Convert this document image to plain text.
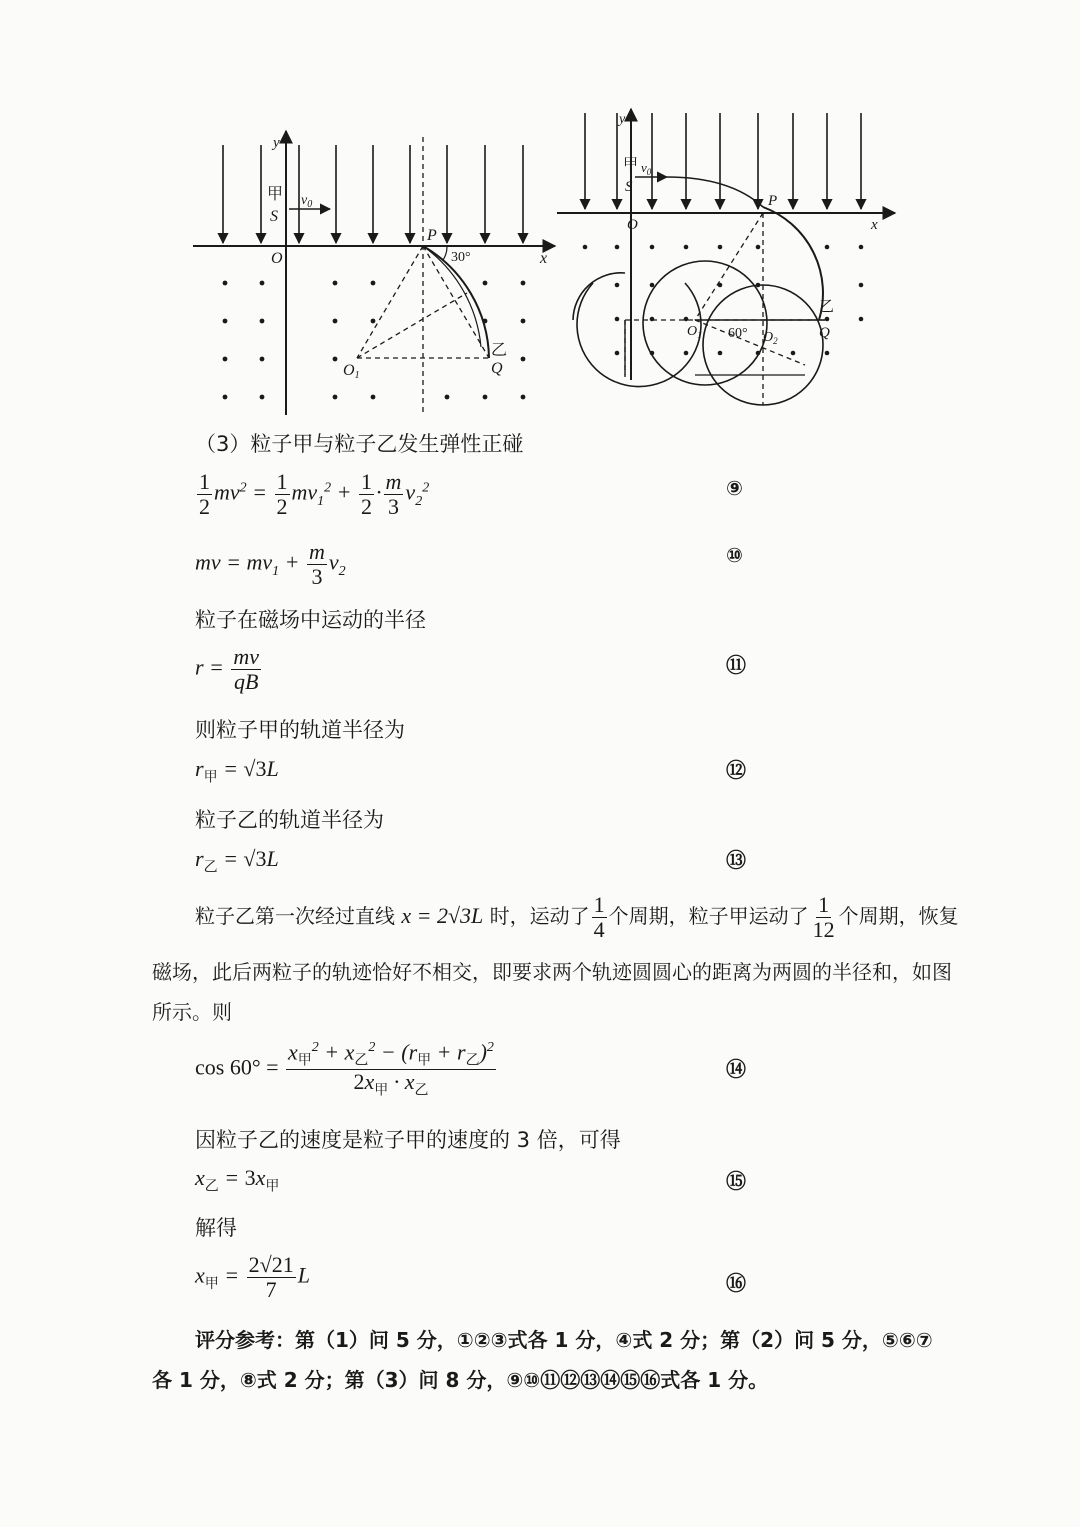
y
x
O
甲
S
$v_0$
P
30°
O1
乙
Q
y
x
O
甲
S
$v_0$
P
$O_1$ 60° $O_2$
乙
Q
（3）粒子甲与粒子乙发生弹性正碰
$\frac{1}{2} mv^2 = \frac{1}{2} mv_1^2 + \frac{1}{2} \cdot \frac{m}{3} v_2^2$	⑨
mv = $mv_1 + \frac{m}{3} v_2$
⑩
粒子在磁场中运动的半径
$r = \frac{mv}{qB}$	⑪
则粒子甲的轨道半径为
$r_甲 = √3L$	⑫
粒子乙的轨道半径为
$r_乙 = √3L$	⑬
粒子乙第一次经过直线 x = 2√3L 时，运动了 $\frac{1}{4}$ 个周期，粒子甲运动了 $\frac{1}{12}$ 个周期，恢复
磁场，此后两粒子的轨迹恰好不相交，即要求两个轨迹圆圆心的距离为两圆的半径和，如图
所示。则
$\cos 60^\circ = \frac{x_甲^2 + x_乙^2 - (r_甲 + r_乙)^2}{2x_甲 \cdot x_乙}$	⑭
因粒子乙的速度是粒子甲的速度的 3 倍，可得
$x_乙 = 3x_甲$	⑮
解得
$x_甲 = \frac{2√21}{7}$ L	⑯
评分参考：第（1）问 5 分，①②③式各 1 分，④式 2 分；第（2）问 5 分，⑤⑥⑦
各 1 分，⑧式 2 分；第（3）问 8 分，⑨⑩⑪⑫⑬⑭⑮⑯式各 1 分。
